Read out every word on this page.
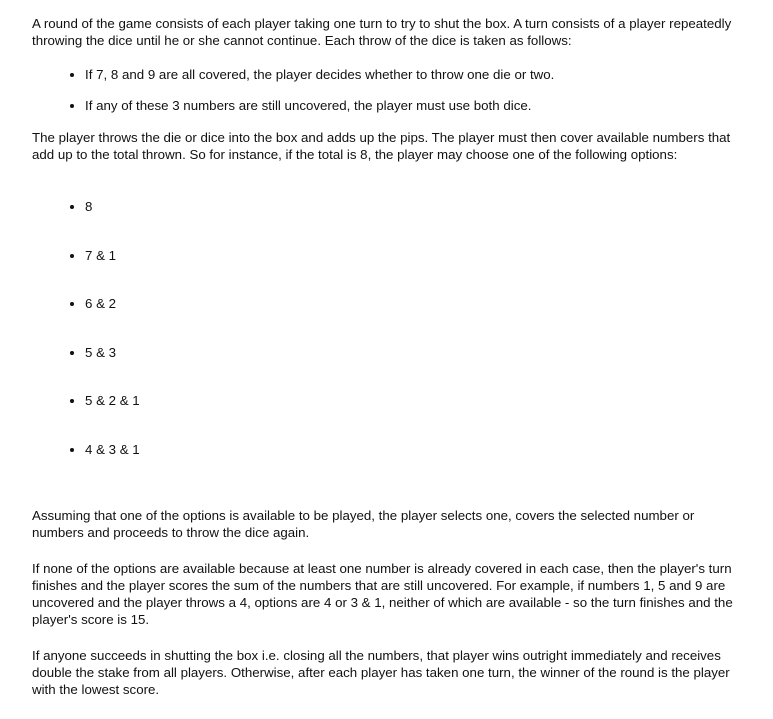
A round of the game consists of each player taking one turn to try to shut the box. A turn consists of a player repeatedly throwing the dice until he or she cannot continue. Each throw of the dice is taken as follows:

If 7, 8 and 9 are all covered, the player decides whether to throw one die or two.
If any of these 3 numbers are still uncovered, the player must use both dice.

The player throws the die or dice into the box and adds up the pips. The player must then cover available numbers that add up to the total thrown. So for instance, if the total is 8, the player may choose one of the following options:

8
7 & 1
6 & 2
5 & 3
5 & 2 & 1
4 & 3 & 1

Assuming that one of the options is available to be played, the player selects one, covers the selected number or numbers and proceeds to throw the dice again.

If none of the options are available because at least one number is already covered in each case, then the player's turn finishes and the player scores the sum of the numbers that are still uncovered. For example, if numbers 1, 5 and 9 are uncovered and the player throws a 4, options are 4 or 3 & 1, neither of which are available - so the turn finishes and the player's score is 15.

If anyone succeeds in shutting the box i.e. closing all the numbers, that player wins outright immediately and receives double the stake from all players. Otherwise, after each player has taken one turn, the winner of the round is the player with the lowest score.
